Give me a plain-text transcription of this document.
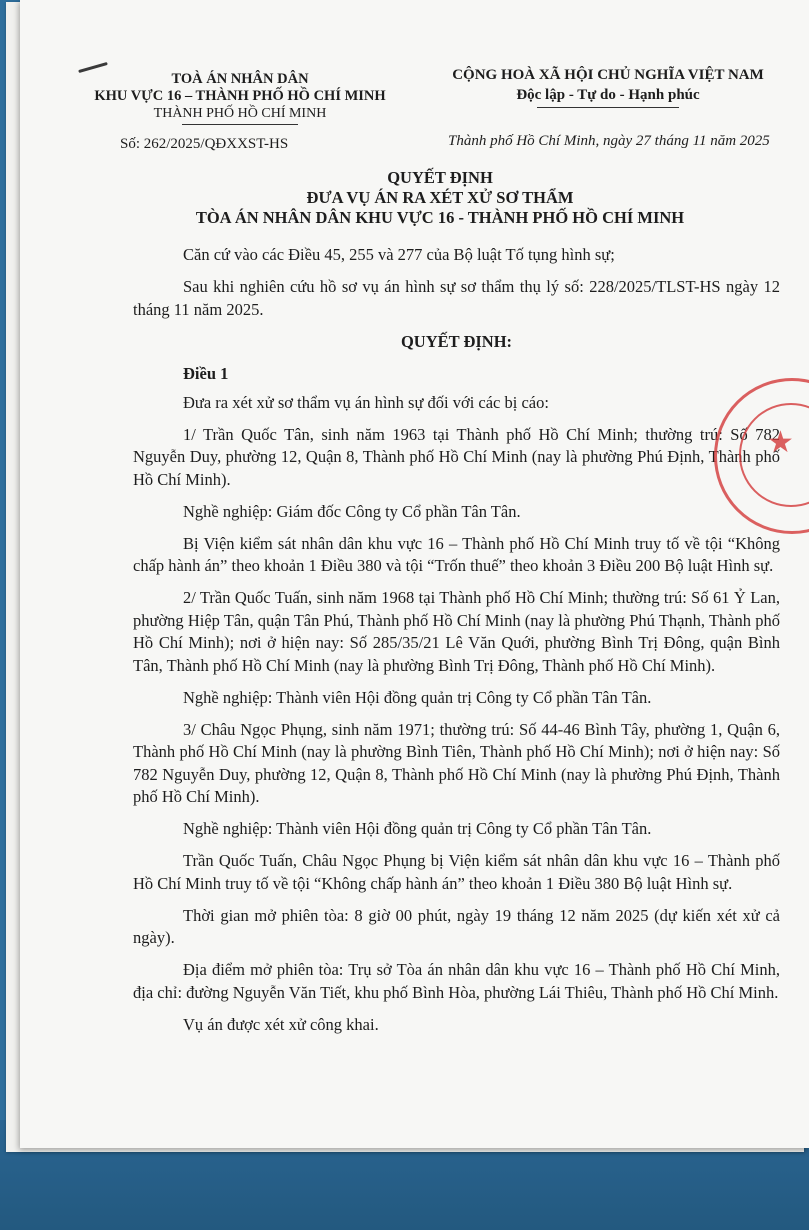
TOÀ ÁN NHÂN DÂN
KHU VỰC 16 – THÀNH PHỐ HỒ CHÍ MINH
THÀNH PHỐ HỒ CHÍ MINH
CỘNG HOÀ XÃ HỘI CHỦ NGHĨA VIỆT NAM
Độc lập - Tự do - Hạnh phúc
Số: 262/2025/QĐXXST-HS	Thành phố Hồ Chí Minh, ngày 27 tháng 11 năm 2025
QUYẾT ĐỊNH
ĐƯA VỤ ÁN RA XÉT XỬ SƠ THẨM
TÒA ÁN NHÂN DÂN KHU VỰC 16 - THÀNH PHỐ HỒ CHÍ MINH

Căn cứ vào các Điều 45, 255 và 277 của Bộ luật Tố tụng hình sự;

Sau khi nghiên cứu hồ sơ vụ án hình sự sơ thẩm thụ lý số: 228/2025/TLST-HS ngày 12 tháng 11 năm 2025.

QUYẾT ĐỊNH:

Điều 1

Đưa ra xét xử sơ thẩm vụ án hình sự đối với các bị cáo:

1/ Trần Quốc Tân, sinh năm 1963 tại Thành phố Hồ Chí Minh; thường trú: Số 782 Nguyễn Duy, phường 12, Quận 8, Thành phố Hồ Chí Minh (nay là phường Phú Định, Thành phố Hồ Chí Minh).

Nghề nghiệp: Giám đốc Công ty Cổ phần Tân Tân.

Bị Viện kiểm sát nhân dân khu vực 16 – Thành phố Hồ Chí Minh truy tố về tội “Không chấp hành án” theo khoản 1 Điều 380 và tội “Trốn thuế” theo khoản 3 Điều 200 Bộ luật Hình sự.

2/ Trần Quốc Tuấn, sinh năm 1968 tại Thành phố Hồ Chí Minh; thường trú: Số 61 Ỷ Lan, phường Hiệp Tân, quận Tân Phú, Thành phố Hồ Chí Minh (nay là phường Phú Thạnh, Thành phố Hồ Chí Minh); nơi ở hiện nay: Số 285/35/21 Lê Văn Quới, phường Bình Trị Đông, quận Bình Tân, Thành phố Hồ Chí Minh (nay là phường Bình Trị Đông, Thành phố Hồ Chí Minh).

Nghề nghiệp: Thành viên Hội đồng quản trị Công ty Cổ phần Tân Tân.

3/ Châu Ngọc Phụng, sinh năm 1971; thường trú: Số 44-46 Bình Tây, phường 1, Quận 6, Thành phố Hồ Chí Minh (nay là phường Bình Tiên, Thành phố Hồ Chí Minh); nơi ở hiện nay: Số 782 Nguyễn Duy, phường 12, Quận 8, Thành phố Hồ Chí Minh (nay là phường Phú Định, Thành phố Hồ Chí Minh).

Nghề nghiệp: Thành viên Hội đồng quản trị Công ty Cổ phần Tân Tân.

Trần Quốc Tuấn, Châu Ngọc Phụng bị Viện kiểm sát nhân dân khu vực 16 – Thành phố Hồ Chí Minh truy tố về tội “Không chấp hành án” theo khoản 1 Điều 380 Bộ luật Hình sự.

Thời gian mở phiên tòa: 8 giờ 00 phút, ngày 19 tháng 12 năm 2025 (dự kiến xét xử cả ngày).

Địa điểm mở phiên tòa: Trụ sở Tòa án nhân dân khu vực 16 – Thành phố Hồ Chí Minh, địa chỉ: đường Nguyễn Văn Tiết, khu phố Bình Hòa, phường Lái Thiêu, Thành phố Hồ Chí Minh.

Vụ án được xét xử công khai.

★
